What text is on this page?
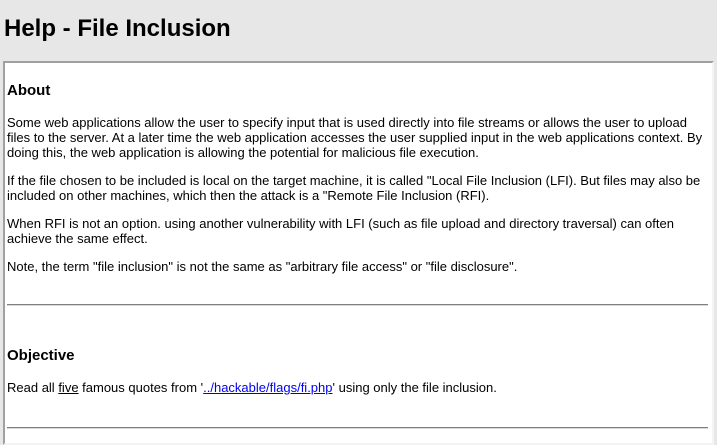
Help - File Inclusion
About

Some web applications allow the user to specify input that is used directly into file streams or allows the user to upload files to the server. At a later time the web application accesses the user supplied input in the web applications context. By doing this, the web application is allowing the potential for malicious file execution.

If the file chosen to be included is local on the target machine, it is called "Local File Inclusion (LFI). But files may also be included on other machines, which then the attack is a "Remote File Inclusion (RFI).

When RFI is not an option. using another vulnerability with LFI (such as file upload and directory traversal) can often achieve the same effect.

Note, the term "file inclusion" is not the same as "arbitrary file access" or "file disclosure".

Objective

Read all five famous quotes from '../hackable/flags/fi.php' using only the file inclusion.
